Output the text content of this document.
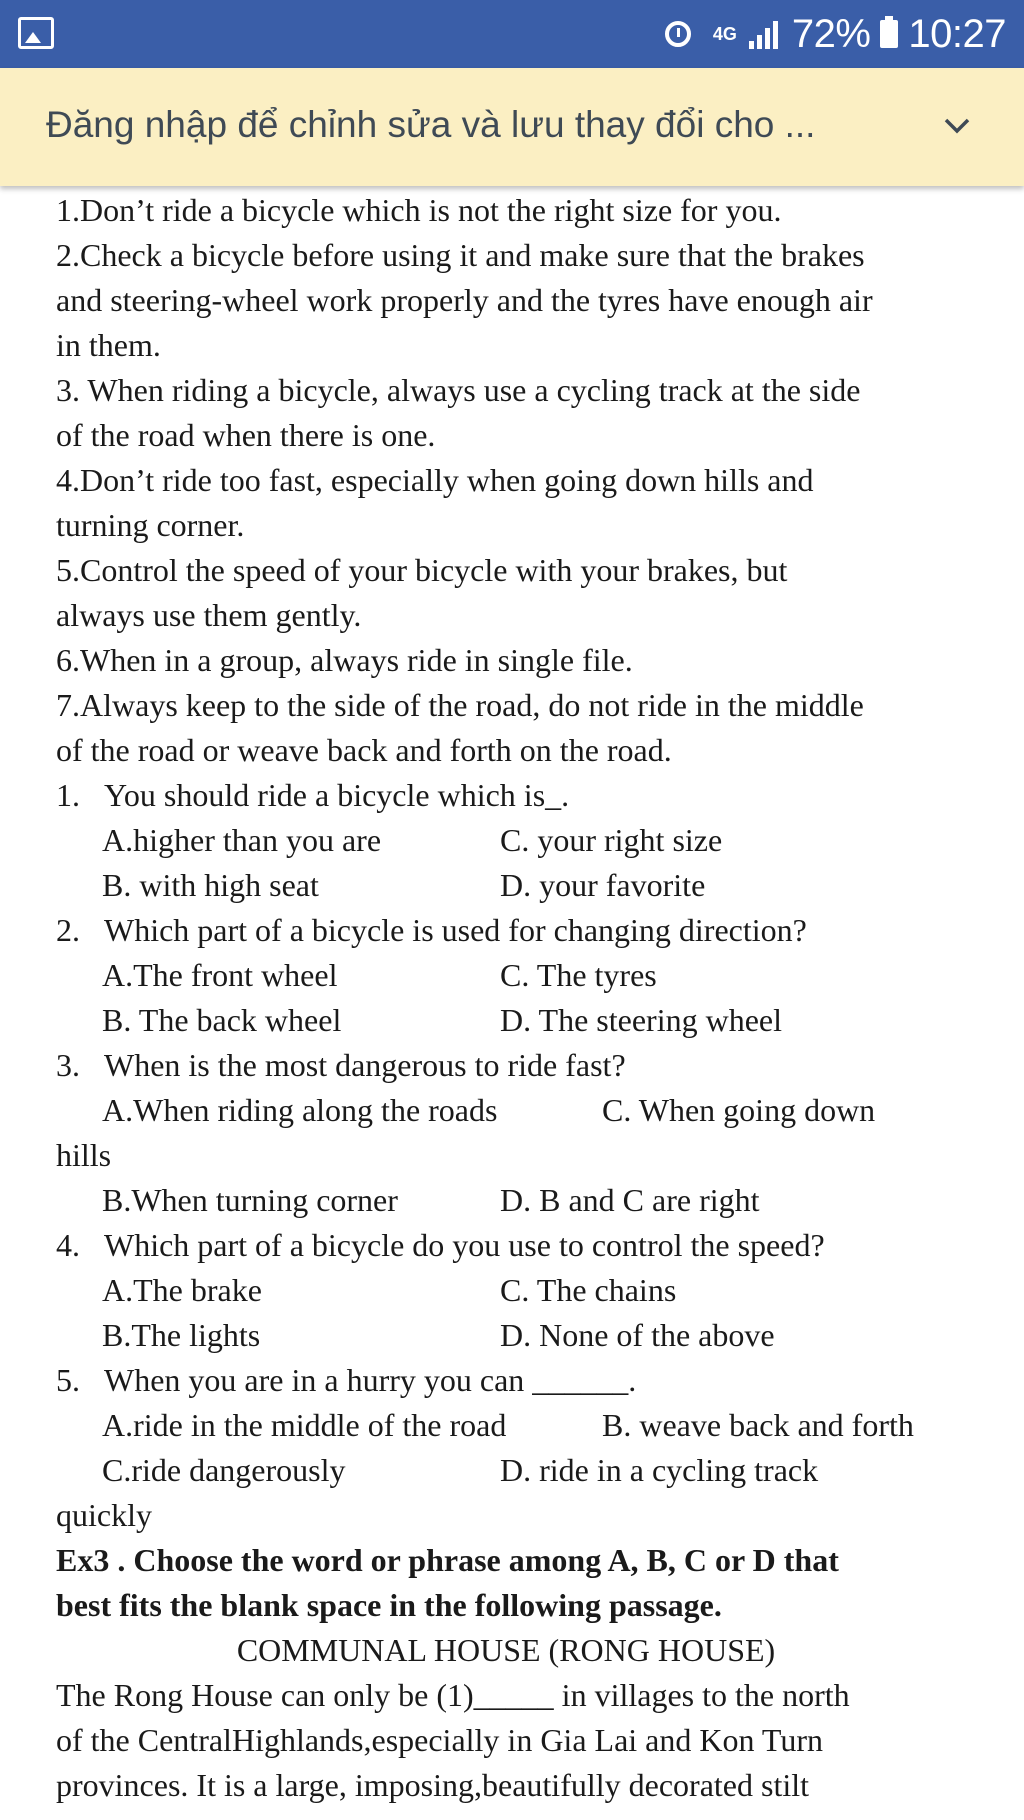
4G 72% 10:27
Đăng nhập để chỉnh sửa và lưu thay đổi cho ...
1.Don’t ride a bicycle which is not the right size for you.
2.Check a bicycle before using it and make sure that the brakes
and steering-wheel work properly and the tyres have enough air
in them.
3. When riding a bicycle, always use a cycling track at the side
of the road when there is one.
4.Don’t ride too fast, especially when going down hills and
turning corner.
5.Control the speed of your bicycle with your brakes, but
always use them gently.
6.When in a group, always ride in single file.
7.Always keep to the side of the road, do not ride in the middle
of the road or weave back and forth on the road.
1. You should ride a bicycle which is_.
A.higher than you are	C. your right size
B. with high seat	D. your favorite
2. Which part of a bicycle is used for changing direction?
A.The front wheel	C. The tyres
B. The back wheel	D. The steering wheel
3. When is the most dangerous to ride fast?
A.When riding along the roads	C. When going down
hills
B.When turning corner	D. B and C are right
4. Which part of a bicycle do you use to control the speed?
A.The brake	C. The chains
B.The lights	D. None of the above
5. When you are in a hurry you can ______.
A.ride in the middle of the road	B. weave back and forth
C.ride dangerously	D. ride in a cycling track
quickly
Ex3 . Choose the word or phrase among A, B, C or D that
best fits the blank space in the following passage.
COMMUNAL HOUSE (RONG HOUSE)
The Rong House can only be (1)_____ in villages to the north
of the CentralHighlands,especially in Gia Lai and Kon Turn
provinces. It is a large, imposing,beautifully decorated stilt
